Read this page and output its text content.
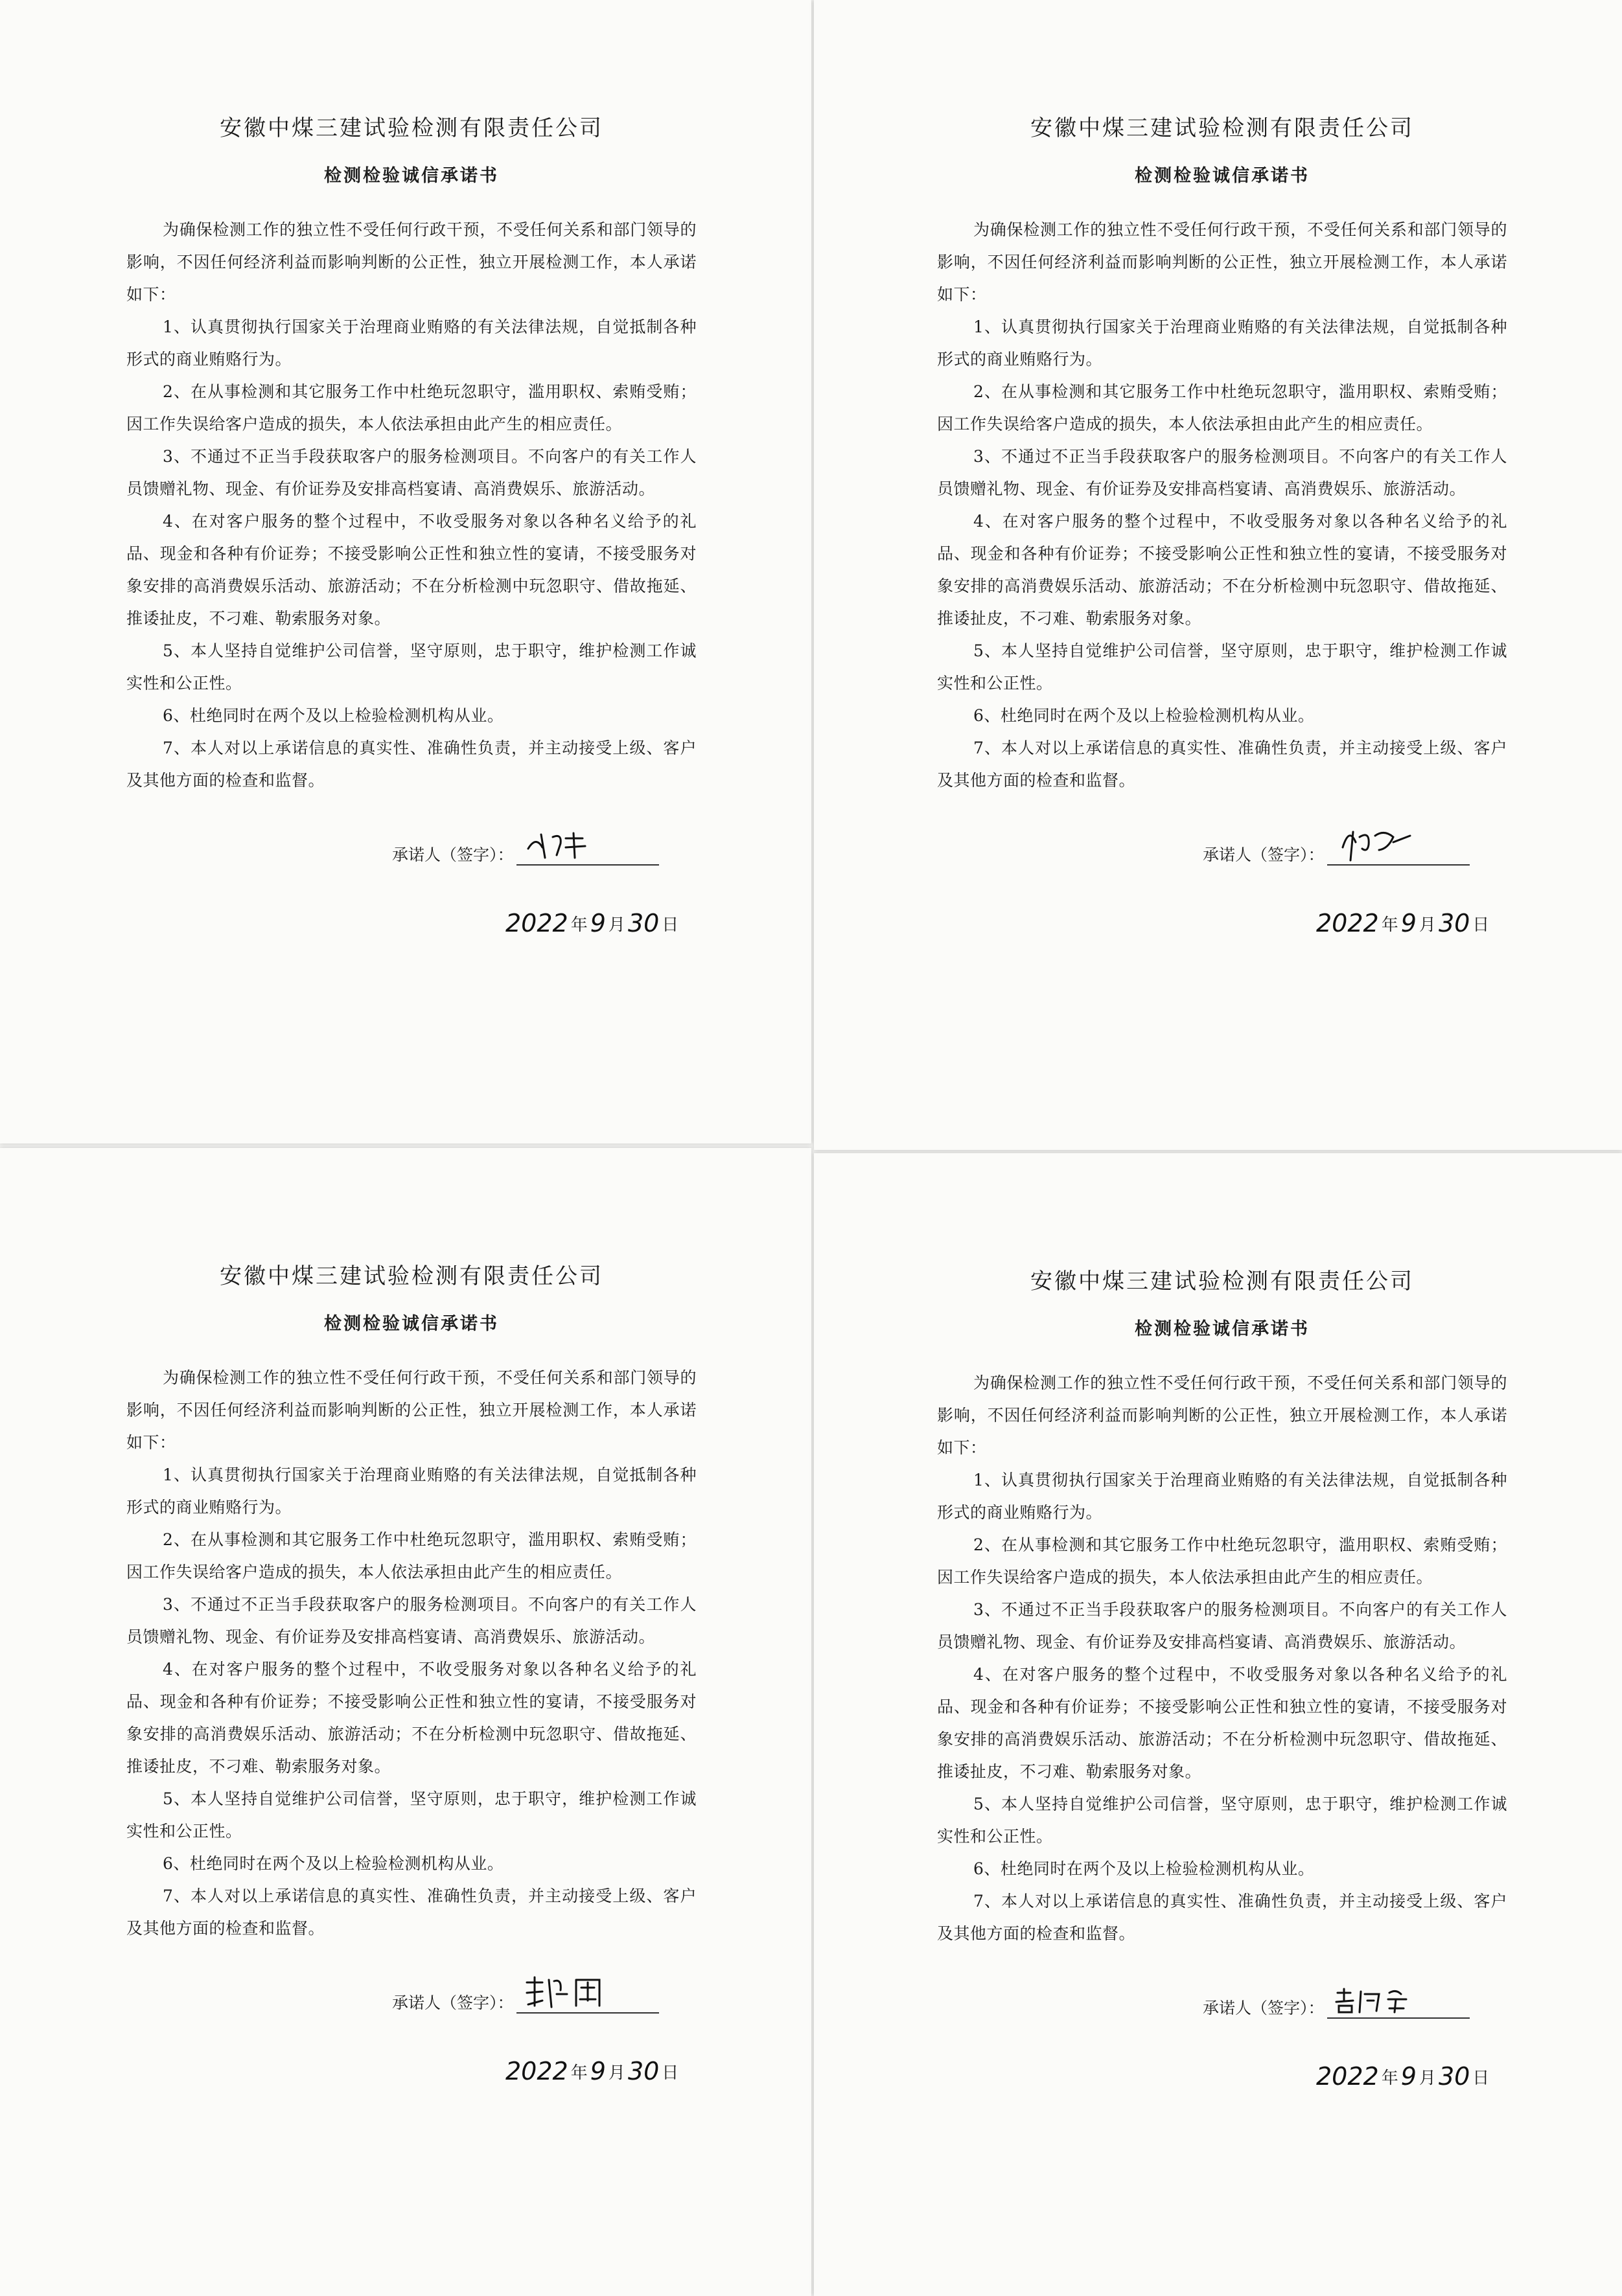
安徽中煤三建试验检测有限责任公司
检测检验诚信承诺书

为确保检测工作的独立性不受任何行政干预，不受任何关系和部门领导的影响，不因任何经济利益而影响判断的公正性，独立开展检测工作，本人承诺如下：

1、认真贯彻执行国家关于治理商业贿赂的有关法律法规，自觉抵制各种形式的商业贿赂行为。

2、在从事检测和其它服务工作中杜绝玩忽职守，滥用职权、索贿受贿；因工作失误给客户造成的损失，本人依法承担由此产生的相应责任。

3、不通过不正当手段获取客户的服务检测项目。不向客户的有关工作人员馈赠礼物、现金、有价证券及安排高档宴请、高消费娱乐、旅游活动。

4、在对客户服务的整个过程中，不收受服务对象以各种名义给予的礼品、现金和各种有价证券；不接受影响公正性和独立性的宴请，不接受服务对象安排的高消费娱乐活动、旅游活动；不在分析检测中玩忽职守、借故拖延、推诿扯皮，不刁难、勒索服务对象。

5、本人坚持自觉维护公司信誉，坚守原则，忠于职守，维护检测工作诚实性和公正性。

6、杜绝同时在两个及以上检验检测机构从业。

7、本人对以上承诺信息的真实性、准确性负责，并主动接受上级、客户及其他方面的检查和监督。

承诺人（签字）：
2022 年 9 月 30 日
安徽中煤三建试验检测有限责任公司
检测检验诚信承诺书

为确保检测工作的独立性不受任何行政干预，不受任何关系和部门领导的影响，不因任何经济利益而影响判断的公正性，独立开展检测工作，本人承诺如下：

1、认真贯彻执行国家关于治理商业贿赂的有关法律法规，自觉抵制各种形式的商业贿赂行为。

2、在从事检测和其它服务工作中杜绝玩忽职守，滥用职权、索贿受贿；因工作失误给客户造成的损失，本人依法承担由此产生的相应责任。

3、不通过不正当手段获取客户的服务检测项目。不向客户的有关工作人员馈赠礼物、现金、有价证券及安排高档宴请、高消费娱乐、旅游活动。

4、在对客户服务的整个过程中，不收受服务对象以各种名义给予的礼品、现金和各种有价证券；不接受影响公正性和独立性的宴请，不接受服务对象安排的高消费娱乐活动、旅游活动；不在分析检测中玩忽职守、借故拖延、推诿扯皮，不刁难、勒索服务对象。

5、本人坚持自觉维护公司信誉，坚守原则，忠于职守，维护检测工作诚实性和公正性。

6、杜绝同时在两个及以上检验检测机构从业。

7、本人对以上承诺信息的真实性、准确性负责，并主动接受上级、客户及其他方面的检查和监督。

承诺人（签字）：
2022 年 9 月 30 日
安徽中煤三建试验检测有限责任公司
检测检验诚信承诺书

为确保检测工作的独立性不受任何行政干预，不受任何关系和部门领导的影响，不因任何经济利益而影响判断的公正性，独立开展检测工作，本人承诺如下：

1、认真贯彻执行国家关于治理商业贿赂的有关法律法规，自觉抵制各种形式的商业贿赂行为。

2、在从事检测和其它服务工作中杜绝玩忽职守，滥用职权、索贿受贿；因工作失误给客户造成的损失，本人依法承担由此产生的相应责任。

3、不通过不正当手段获取客户的服务检测项目。不向客户的有关工作人员馈赠礼物、现金、有价证券及安排高档宴请、高消费娱乐、旅游活动。

4、在对客户服务的整个过程中，不收受服务对象以各种名义给予的礼品、现金和各种有价证券；不接受影响公正性和独立性的宴请，不接受服务对象安排的高消费娱乐活动、旅游活动；不在分析检测中玩忽职守、借故拖延、推诿扯皮，不刁难、勒索服务对象。

5、本人坚持自觉维护公司信誉，坚守原则，忠于职守，维护检测工作诚实性和公正性。

6、杜绝同时在两个及以上检验检测机构从业。

7、本人对以上承诺信息的真实性、准确性负责，并主动接受上级、客户及其他方面的检查和监督。

承诺人（签字）：
2022 年 9 月 30 日
安徽中煤三建试验检测有限责任公司
检测检验诚信承诺书

为确保检测工作的独立性不受任何行政干预，不受任何关系和部门领导的影响，不因任何经济利益而影响判断的公正性，独立开展检测工作，本人承诺如下：

1、认真贯彻执行国家关于治理商业贿赂的有关法律法规，自觉抵制各种形式的商业贿赂行为。

2、在从事检测和其它服务工作中杜绝玩忽职守，滥用职权、索贿受贿；因工作失误给客户造成的损失，本人依法承担由此产生的相应责任。

3、不通过不正当手段获取客户的服务检测项目。不向客户的有关工作人员馈赠礼物、现金、有价证券及安排高档宴请、高消费娱乐、旅游活动。

4、在对客户服务的整个过程中，不收受服务对象以各种名义给予的礼品、现金和各种有价证券；不接受影响公正性和独立性的宴请，不接受服务对象安排的高消费娱乐活动、旅游活动；不在分析检测中玩忽职守、借故拖延、推诿扯皮，不刁难、勒索服务对象。

5、本人坚持自觉维护公司信誉，坚守原则，忠于职守，维护检测工作诚实性和公正性。

6、杜绝同时在两个及以上检验检测机构从业。

7、本人对以上承诺信息的真实性、准确性负责，并主动接受上级、客户及其他方面的检查和监督。

承诺人（签字）：
2022 年 9 月 30 日
